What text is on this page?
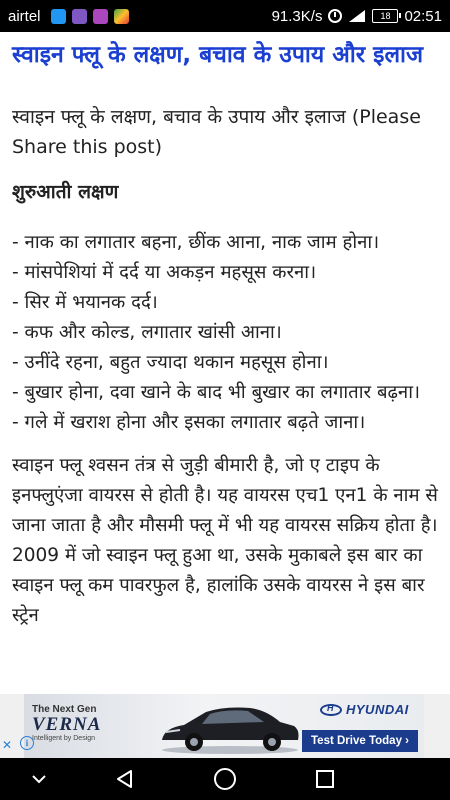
airtel	91.3K/s	18 02:51
स्वाइन फ्लू के लक्षण, बचाव के उपाय और इलाज

स्वाइन फ्लू के लक्षण, बचाव के उपाय और इलाज (Please Share this post)

शुरुआती लक्षण
- नाक का लगातार बहना, छींक आना, नाक जाम होना।
- मांसपेशियां में दर्द या अकड़न महसूस करना।
- सिर में भयानक दर्द।
- कफ और कोल्ड, लगातार खांसी आना।
- उनींदे रहना, बहुत ज्यादा थकान महसूस होना।
- बुखार होना, दवा खाने के बाद भी बुखार का लगातार बढ़ना।
- गले में खराश होना और इसका लगातार बढ़ते जाना।

स्वाइन फ्लू श्वसन तंत्र से जुड़ी बीमारी है, जो ए टाइप के इनफ्लुएंजा वायरस से होती है। यह वायरस एच1 एन1 के नाम से जाना जाता है और मौसमी फ्लू में भी यह वायरस सक्रिय होता है। 2009 में जो स्वाइन फ्लू हुआ था, उसके मुकाबले इस बार का स्वाइन फ्लू कम पावरफुल है, हालांकि उसके वायरस ने इस बार स्ट्रेन

The Next Gen
VERNA
Intelligent by Design
H
HYUNDAI
Test Drive Today ›
✕	i
